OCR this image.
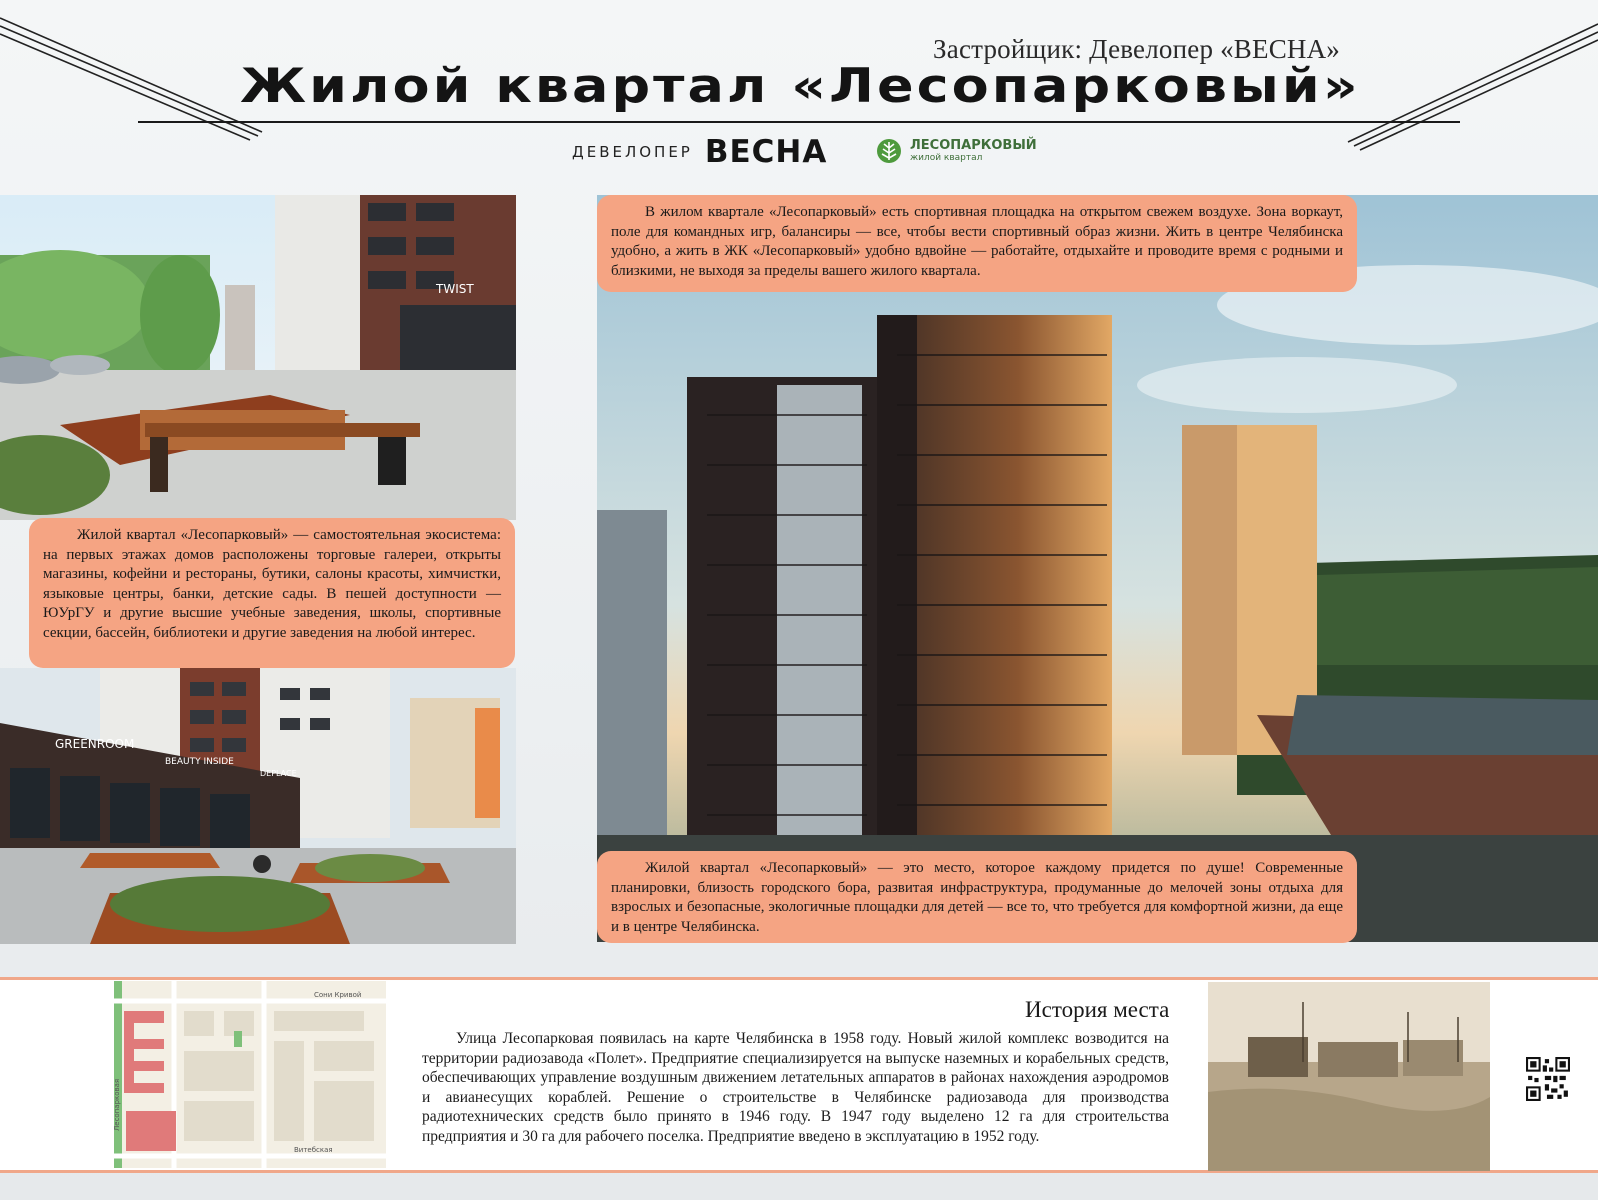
Застройщик: Девелопер «ВЕСНА»
Жилой квартал «Лесопарковый»
ДЕВЕЛОПЕР ВЕСНА	ЛЕСОПАРКОВЫЙ
жилой квартал
TWIST

Жилой квартал «Лесопарковый» — самостоятельная экосистема: на первых этажах домов расположены торговые галереи, открыты магазины, кофейни и рестораны, бутики, салоны красоты, химчистки, языковые центры, банки, детские сады. В пешей доступности — ЮУрГУ и другие высшие учебные заведения, школы, спортивные секции, бассейн, библиотеки и другие заведения на любой интерес.

GREENROOM
BEAUTY INSIDE
DEPLACE

В жилом квартале «Лесопарковый» есть спортивная площадка на открытом свежем воздухе. Зона воркаут, поле для командных игр, балансиры — все, чтобы вести спортивный образ жизни. Жить в центре Челябинска удобно, а жить в ЖК «Лесопарковый» удобно вдвойне — работайте, отдыхайте и проводите время с родными и близкими, не выходя за пределы вашего жилого квартала.

Жилой квартал «Лесопарковый» — это место, которое каждому придется по душе! Современные планировки, близость городского бора, развитая инфраструктура, продуманные до мелочей зоны отдыха для взрослых и безопасные, экологичные площадки для детей — все то, что требуется для комфортной жизни, да еще и в центре Челябинска.

Сони Кривой
Витебская
Лесопарковая
История места

Улица Лесопарковая появилась на карте Челябинска в 1958 году. Новый жилой комплекс возводится на территории радиозавода «Полет». Предприятие специализируется на выпуске наземных и корабельных средств, обеспечивающих управление воздушным движением летательных аппаратов в районах нахождения аэродромов и авианесущих кораблей. Решение о строительстве в Челябинске радиозавода для производства радиотехнических средств было принято в 1946 году. В 1947 году выделено 12 га для строительства предприятия и 30 га для рабочего поселка. Предприятие введено в эксплуатацию в 1952 году.
